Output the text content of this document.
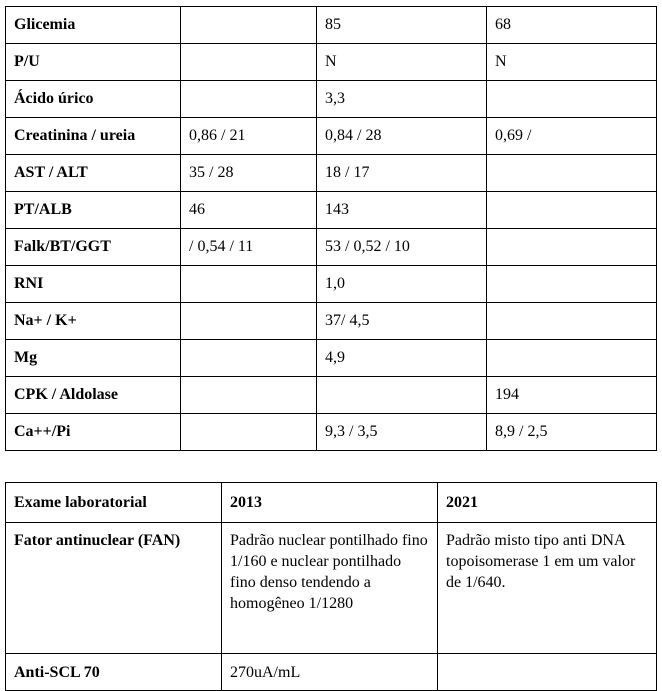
Glicemia		85	68
P/U		N	N
Ácido úrico		3,3	
Creatinina / ureia	0,86 / 21	0,84 / 28	0,69 /
AST / ALT	35 / 28	18 / 17	
PT/ALB	46	143	
Falk/BT/GGT	/ 0,54 / 11	53 / 0,52 / 10	
RNI		1,0	
Na+ / K+		37/ 4,5	
Mg		4,9	
CPK / Aldolase			194
Ca++/Pi		9,3 / 3,5	8,9 / 2,5
Exame laboratorial	2013	2021
Fator antinuclear (FAN)	Padrão nuclear pontilhado fino 1/160 e nuclear pontilhado fino denso tendendo a homogêneo 1/1280	Padrão misto tipo anti DNA topoisomerase 1 em um valor de 1/640.
Anti-SCL 70	270uA/mL	
